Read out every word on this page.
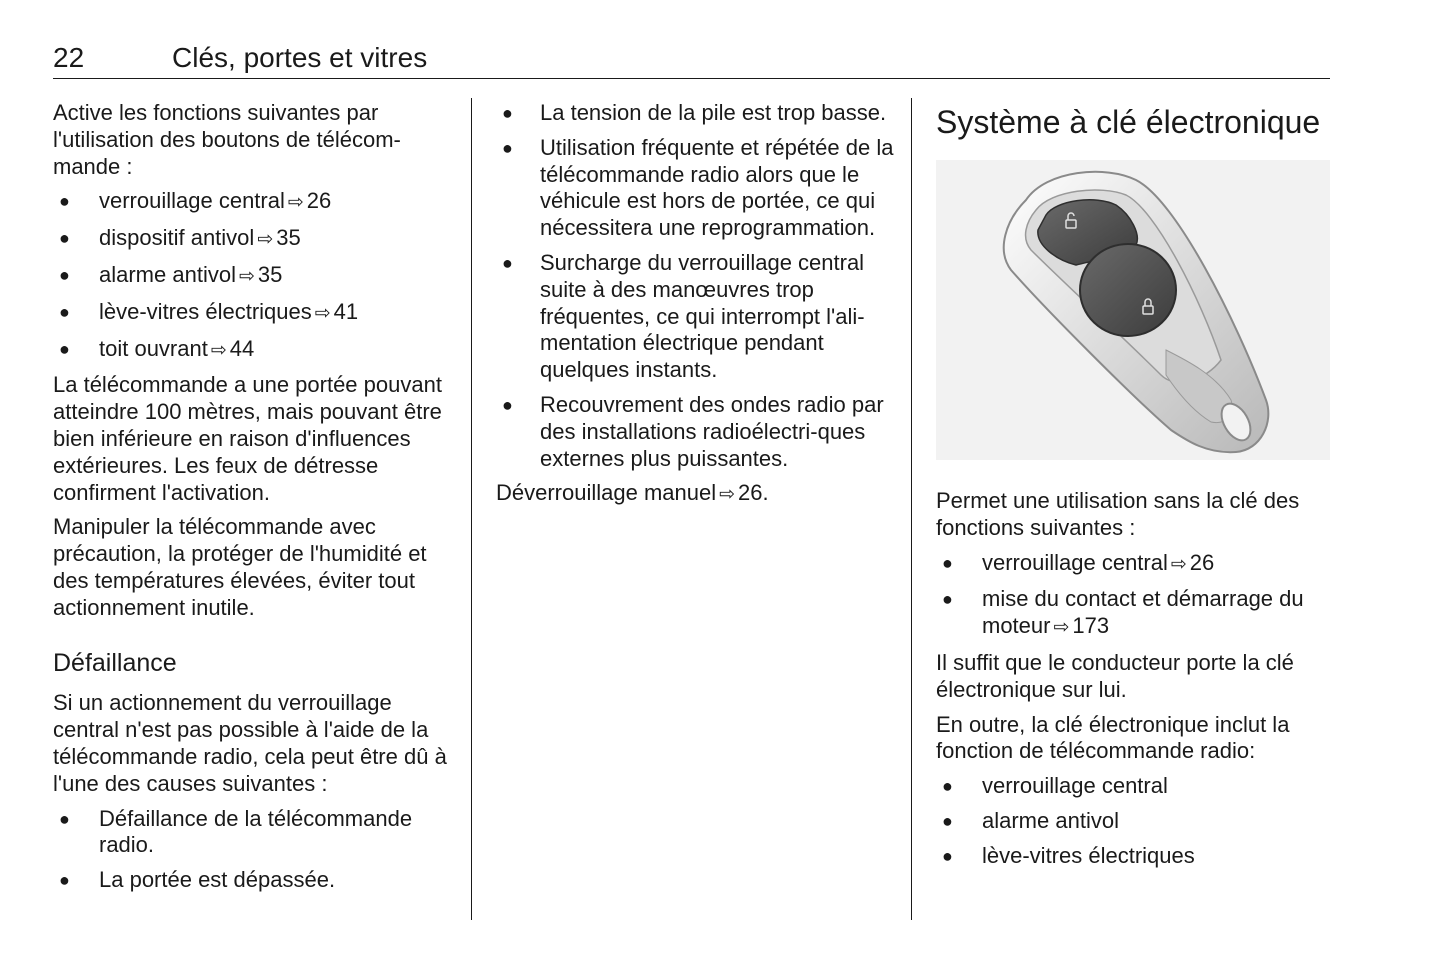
22	Clés, portes et vitres

Active les fonctions suivantes par l'utilisation des boutons de télécom-mande :

● verrouillage central ⇨ 26
● dispositif antivol ⇨ 35
● alarme antivol ⇨ 35
● lève-vitres électriques ⇨ 41
● toit ouvrant ⇨ 44

La télécommande a une portée pouvant atteindre 100 mètres, mais pouvant être bien inférieure en raison d'influences extérieures. Les feux de détresse confirment l'activation.

Manipuler la télécommande avec précaution, la protéger de l'humidité et des températures élevées, éviter tout actionnement inutile.

Défaillance

Si un actionnement du verrouillage central n'est pas possible à l'aide de la télécommande radio, cela peut être dû à l'une des causes suivantes :

● Défaillance de la télécommande radio.
● La portée est dépassée.
● La tension de la pile est trop basse.
● Utilisation fréquente et répétée de la télécommande radio alors que le véhicule est hors de portée, ce qui nécessitera une reprogrammation.
● Surcharge du verrouillage central suite à des manœuvres trop fréquentes, ce qui interrompt l'ali-mentation électrique pendant quelques instants.
● Recouvrement des ondes radio par des installations radioélectri-ques externes plus puissantes.

Déverrouillage manuel ⇨ 26.

Système à clé électronique

Permet une utilisation sans la clé des fonctions suivantes :

● verrouillage central ⇨ 26
● mise du contact et démarrage du moteur ⇨ 173

Il suffit que le conducteur porte la clé électronique sur lui.

En outre, la clé électronique inclut la fonction de télécommande radio:

● verrouillage central
● alarme antivol
● lève-vitres électriques
